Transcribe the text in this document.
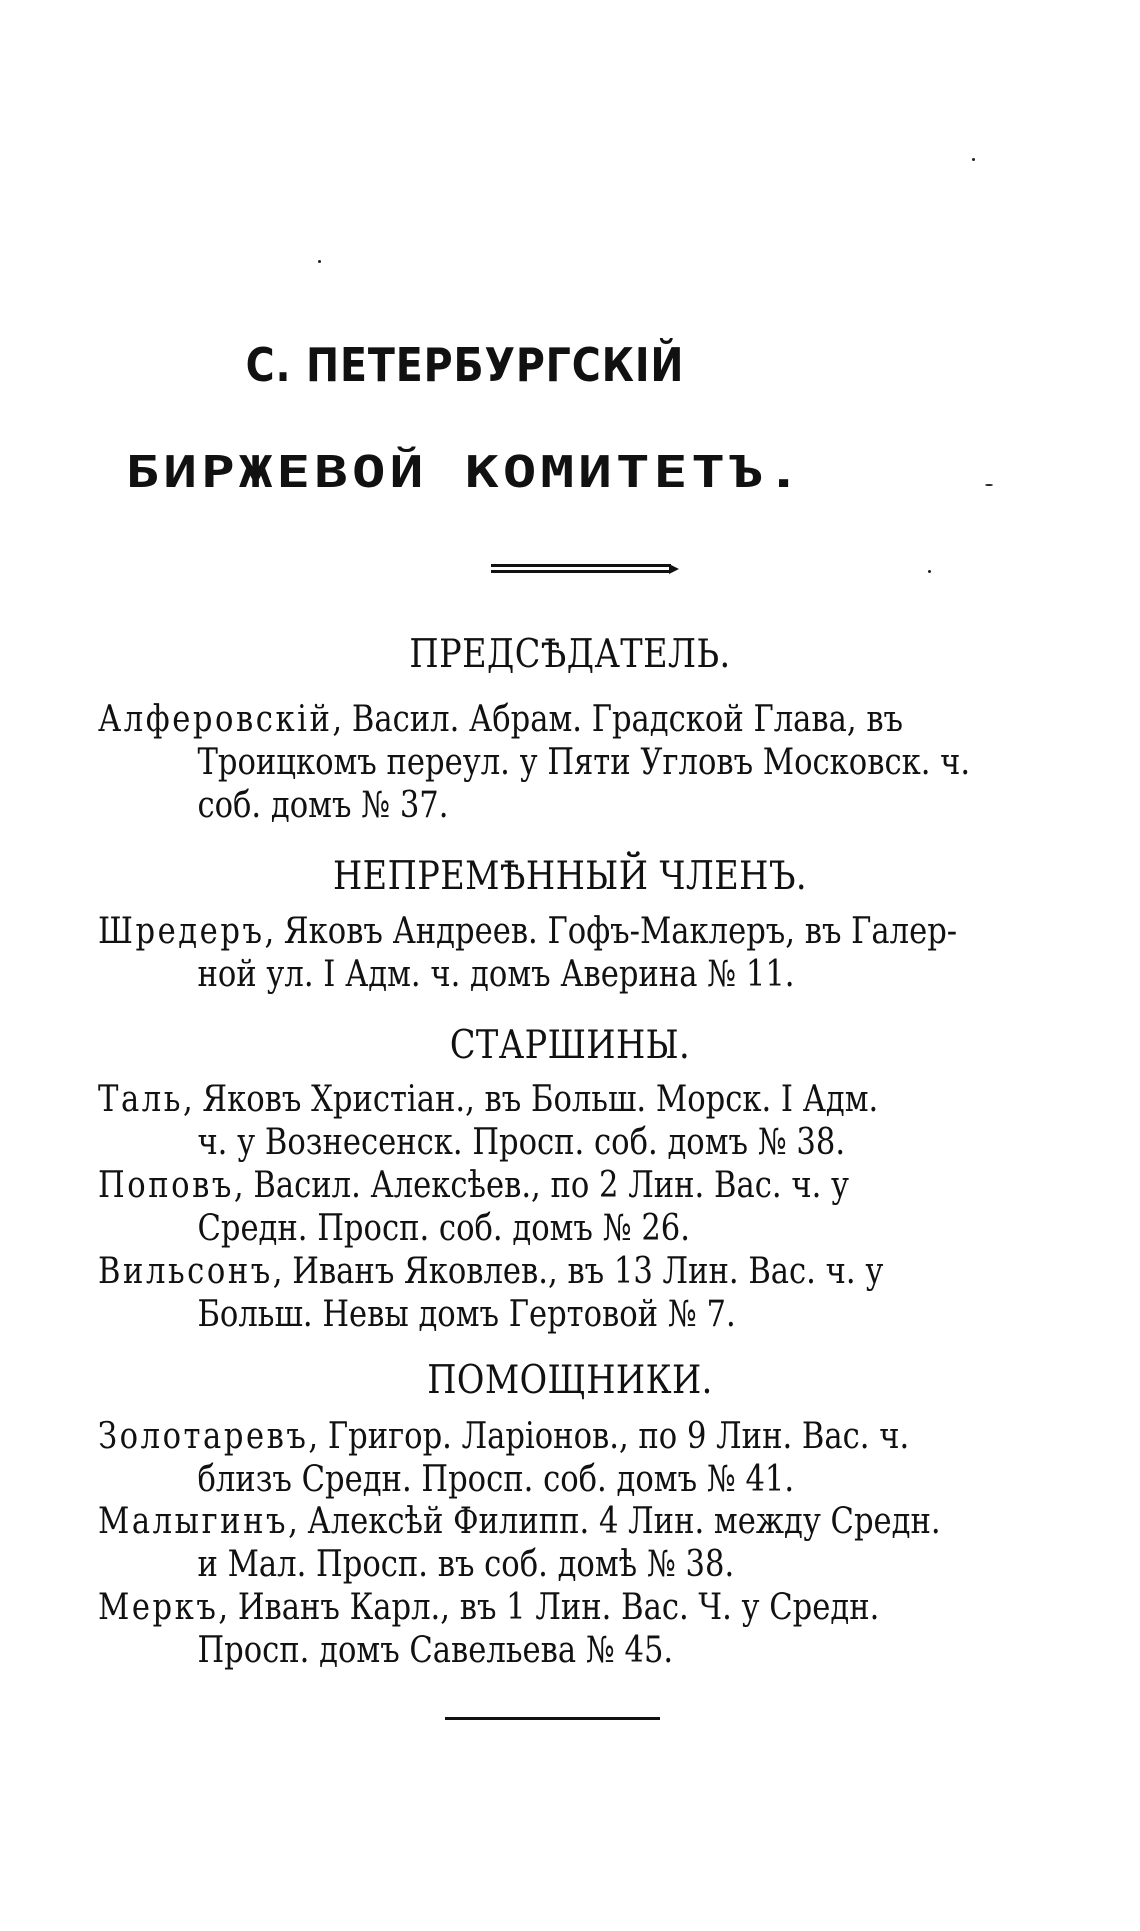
С. ПЕТЕРБУРГСКІЙ
БИРЖЕВОЙ КОМИТЕТЪ.
ПРЕДСѢДАТЕЛЬ.
Алферовскій, Васил. Абрам. Градской Глава, въ
Троицкомъ переул. у Пяти Угловъ Московск. ч.
соб. домъ № 37.
НЕПРЕМѢННЫЙ ЧЛЕНЪ.
Шредеръ, Яковъ Андреев. Гофъ-Маклеръ, въ Галер-
ной ул. I Адм. ч. домъ Аверина № 11.
СТАРШИНЫ.
Таль, Яковъ Христіан., въ Больш. Морск. I Адм.
ч. у Вознесенск. Просп. соб. домъ № 38.
Поповъ, Васил. Алексѣев., по 2 Лин. Вас. ч. у
Средн. Просп. соб. домъ № 26.
Вильсонъ, Иванъ Яковлев., въ 13 Лин. Вас. ч. у
Больш. Невы домъ Гертовой № 7.
ПОМОЩНИКИ.
Золотаревъ, Григор. Ларіонов., по 9 Лин. Вас. ч.
близъ Средн. Просп. соб. домъ № 41.
Малыгинъ, Алексѣй Филипп. 4 Лин. между Средн.
и Мал. Просп. въ соб. домѣ № 38.
Меркъ, Иванъ Карл., въ 1 Лин. Вас. Ч. у Средн.
Просп. домъ Савельева № 45.
